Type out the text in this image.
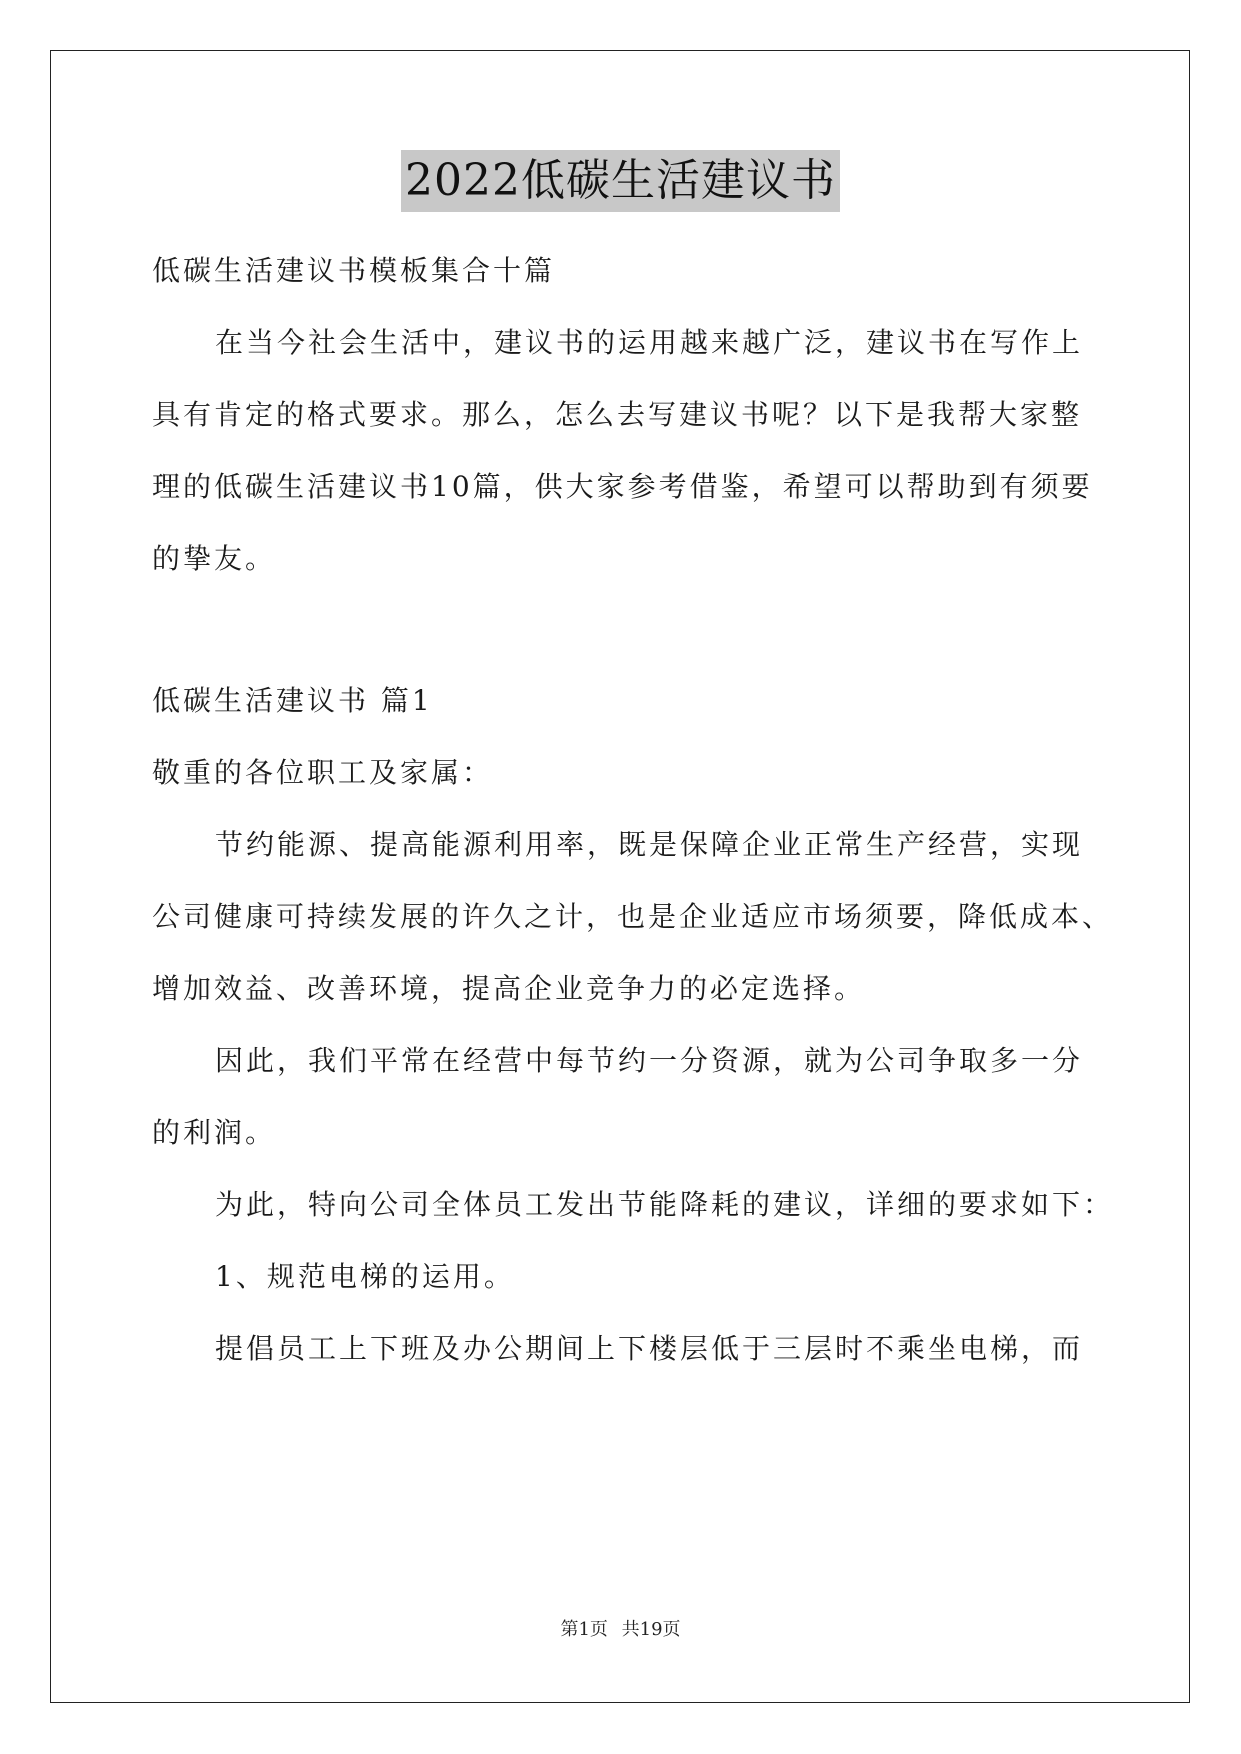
2022低碳生活建议书
低碳生活建议书模板集合十篇
在当今社会生活中，建议书的运用越来越广泛，建议书在写作上
具有肯定的格式要求。那么，怎么去写建议书呢？以下是我帮大家整
理的低碳生活建议书10篇，供大家参考借鉴，希望可以帮助到有须要
的挚友。
低碳生活建议书 篇1
敬重的各位职工及家属：
节约能源、提高能源利用率，既是保障企业正常生产经营，实现
公司健康可持续发展的许久之计，也是企业适应市场须要，降低成本、
增加效益、改善环境，提高企业竞争力的必定选择。
因此，我们平常在经营中每节约一分资源，就为公司争取多一分
的利润。
为此，特向公司全体员工发出节能降耗的建议，详细的要求如下：
1、规范电梯的运用。
提倡员工上下班及办公期间上下楼层低于三层时不乘坐电梯，而
第1页 共19页
